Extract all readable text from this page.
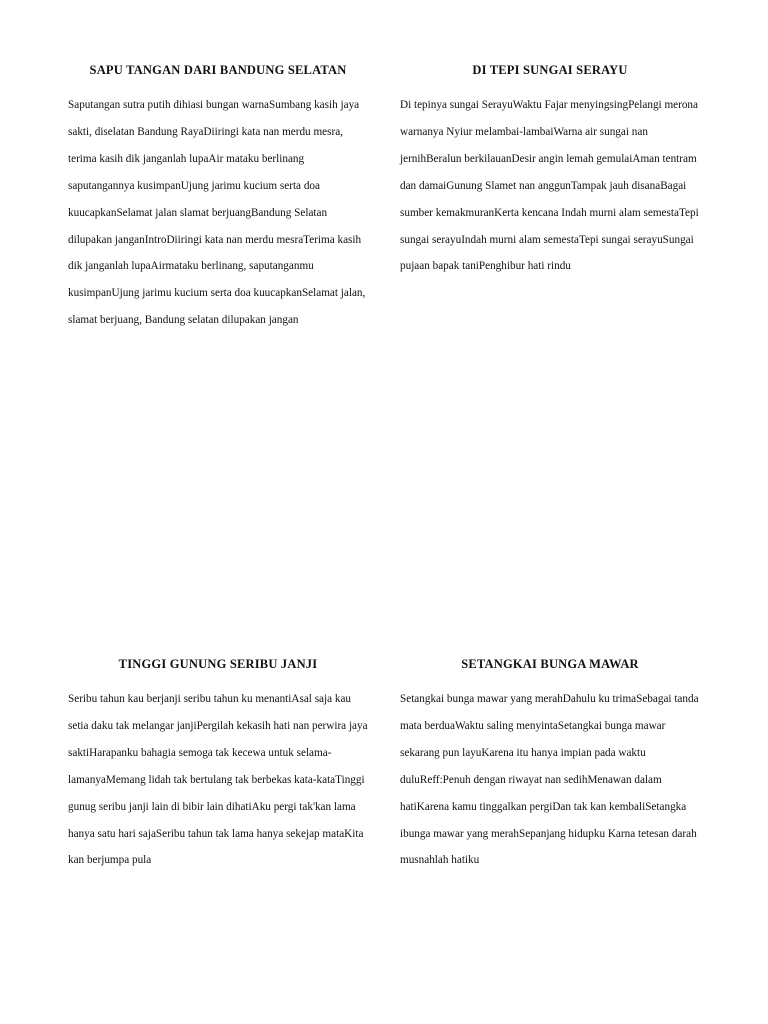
SAPU TANGAN DARI BANDUNG SELATAN

Saputangan sutra putih dihiasi bungan warnaSumbang kasih jaya sakti, diselatan Bandung RayaDiiringi kata nan merdu mesra, terima kasih dik janganlah lupaAir mataku berlinang saputangannya kusimpanUjung jarimu kucium serta doa kuucapkanSelamat jalan slamat berjuangBandung Selatan dilupakan janganIntroDiiringi kata nan merdu mesraTerima kasih dik janganlah lupaAirmataku berlinang, saputanganmu kusimpanUjung jarimu kucium serta doa kuucapkanSelamat jalan, slamat berjuang, Bandung selatan dilupakan jangan

DI TEPI SUNGAI SERAYU

Di tepinya sungai SerayuWaktu Fajar menyingsingPelangi merona warnanya Nyiur melambai-lambaiWarna air sungai nan jernihBeralun berkilauanDesir angin lemah gemulaiAman tentram dan damaiGunung Slamet nan anggunTampak jauh disanaBagai sumber kemakmuranKerta kencana Indah murni alam semestaTepi sungai serayuIndah murni alam semestaTepi sungai serayuSungai pujaan bapak taniPenghibur hati rindu

TINGGI GUNUNG SERIBU JANJI

Seribu tahun kau berjanji seribu tahun ku menantiAsal saja kau setia daku tak melangar janjiPergilah kekasih hati nan perwira jaya saktiHarapanku bahagia semoga tak kecewa untuk selama-lamanyaMemang lidah tak bertulang tak berbekas kata-kataTinggi gunug seribu janji lain di bibir lain dihatiAku pergi tak'kan lama hanya satu hari sajaSeribu tahun tak lama hanya sekejap mataKita kan berjumpa pula

SETANGKAI BUNGA MAWAR

Setangkai bunga mawar yang merahDahulu ku trimaSebagai tanda mata berduaWaktu saling menyintaSetangkai bunga mawar sekarang pun layuKarena itu hanya impian pada waktu duluReff:Penuh dengan riwayat nan sedihMenawan dalam hatiKarena kamu tinggalkan pergiDan tak kan kembaliSetangka ibunga mawar yang merahSepanjang hidupku Karna tetesan darah musnahlah hatiku
